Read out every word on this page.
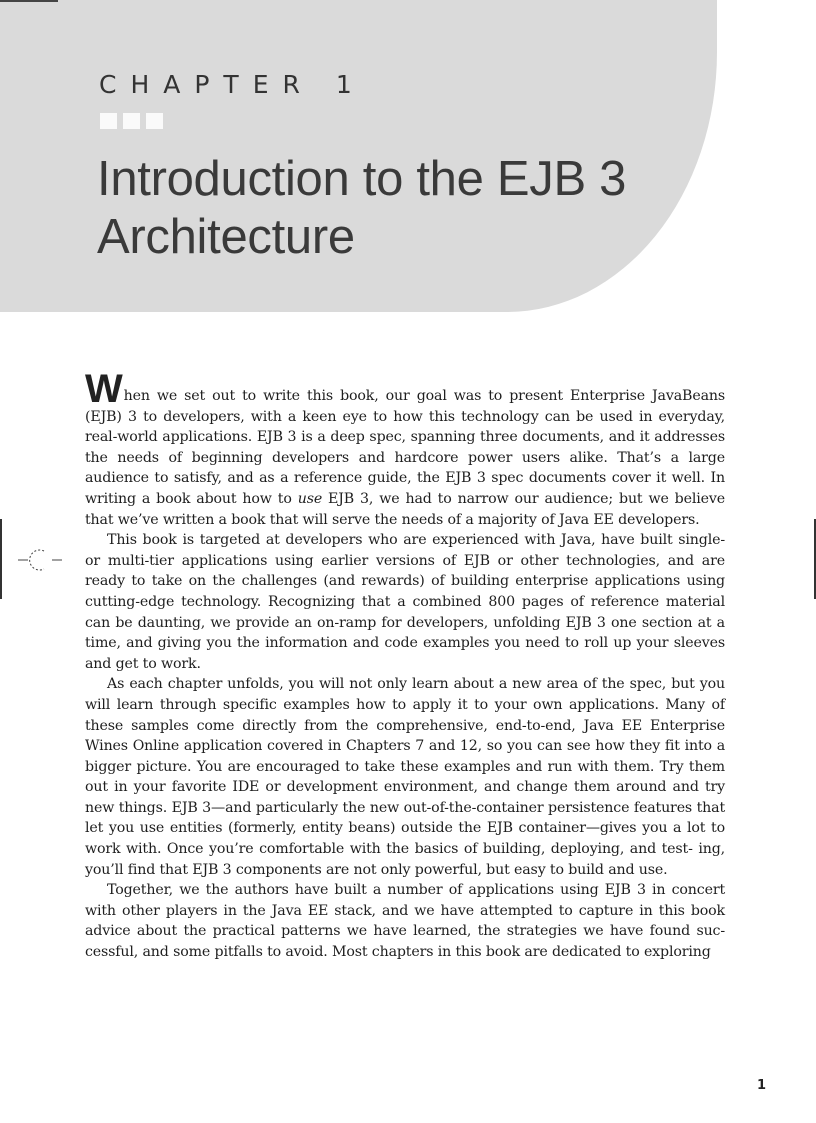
CHAPTER 1
Introduction to the EJB 3 Architecture

When we set out to write this book, our goal was to present Enterprise JavaBeans (EJB) 3 to developers, with a keen eye to how this technology can be used in everyday, real-world applications. EJB 3 is a deep spec, spanning three documents, and it addresses the needs of beginning developers and hardcore power users alike. That’s a large audience to satisfy, and as a reference guide, the EJB 3 spec documents cover it well. In writing a book about how to use EJB 3, we had to narrow our audience; but we believe that we’ve written a book that will serve the needs of a majority of Java EE developers.

This book is targeted at developers who are experienced with Java, have built single- or multi-tier applications using earlier versions of EJB or other technologies, and are ready to take on the challenges (and rewards) of building enterprise applications using cutting-edge technology. Recognizing that a combined 800 pages of reference material can be daunting, we provide an on-ramp for developers, unfolding EJB 3 one section at a time, and giving you the information and code examples you need to roll up your sleeves and get to work.

As each chapter unfolds, you will not only learn about a new area of the spec, but you will learn through specific examples how to apply it to your own applications. Many of these samples come directly from the comprehensive, end-to-end, Java EE Enterprise Wines Online application covered in Chapters 7 and 12, so you can see how they fit into a bigger picture. You are encouraged to take these examples and run with them. Try them out in your favorite IDE or development environment, and change them around and try new things. EJB 3—and particularly the new out-of-the-container persistence features that let you use entities (formerly, entity beans) outside the EJB container—gives you a lot to work with. Once you’re comfortable with the basics of building, deploying, and test- ing, you’ll find that EJB 3 components are not only powerful, but easy to build and use.

Together, we the authors have built a number of applications using EJB 3 in concert with other players in the Java EE stack, and we have attempted to capture in this book advice about the practical patterns we have learned, the strategies we have found suc- cessful, and some pitfalls to avoid. Most chapters in this book are dedicated to exploring

1
